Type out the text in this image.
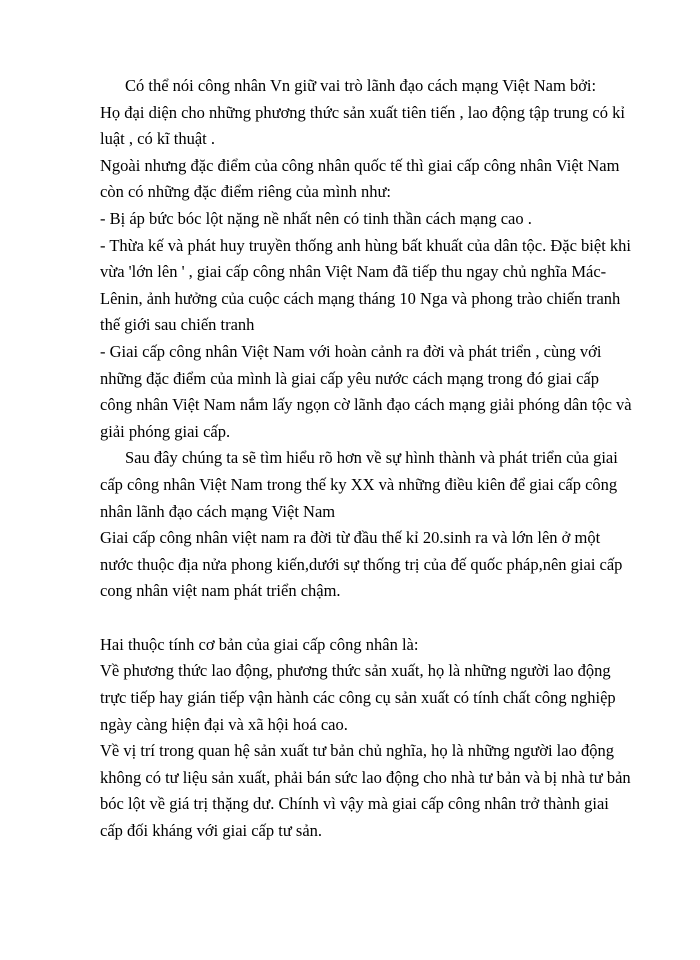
Có thể nói công nhân Vn giữ vai trò lãnh đạo cách mạng Việt Nam bởi:

Họ đại diện cho những phương thức sản xuất tiên tiến , lao động tập trung có kỉ

luật , có kĩ thuật .

Ngoài nhưng đặc điểm của công nhân quốc tế thì giai cấp công nhân Việt Nam

còn có những đặc điểm riêng của mình như:

- Bị áp bức bóc lột nặng nề nhất nên có tinh thần cách mạng cao .

- Thừa kế và phát huy truyền thống anh hùng bất khuất của dân tộc. Đặc biệt khi

vừa 'lớn lên ' , giai cấp công nhân Việt Nam đã tiếp thu ngay chủ nghĩa Mác-

Lênin, ảnh hưởng của cuộc cách mạng tháng 10 Nga và phong trào chiến tranh

thế giới sau chiến tranh

- Giai cấp công nhân Việt Nam với hoàn cảnh ra đời và phát triển , cùng với

những đặc điểm của mình là giai cấp yêu nước cách mạng trong đó giai cấp

công nhân Việt Nam nắm lấy ngọn cờ lãnh đạo cách mạng giải phóng dân tộc và

giải phóng giai cấp.

Sau đây chúng ta sẽ tìm hiểu rõ hơn về sự hình thành và phát triển của giai

cấp công nhân Việt Nam trong thế ky XX và những điều kiên để giai cấp công

nhân lãnh đạo cách mạng Việt Nam

Giai cấp công nhân việt nam ra đời từ đầu thế kỉ 20.sinh ra và lớn lên ở một

nước thuộc địa nửa phong kiến,dưới sự thống trị của đế quốc pháp,nên giai cấp

cong nhân việt nam phát triển chậm.

Hai thuộc tính cơ bản của giai cấp công nhân là:

Về phương thức lao động, phương thức sản xuất, họ là những người lao động

trực tiếp hay gián tiếp vận hành các công cụ sản xuất có tính chất công nghiệp

ngày càng hiện đại và xã hội hoá cao.

Về vị trí trong quan hệ sản xuất tư bản chủ nghĩa, họ là những người lao động

không có tư liệu sản xuất, phải bán sức lao động cho nhà tư bản và bị nhà tư bản

bóc lột về giá trị thặng dư. Chính vì vậy mà giai cấp công nhân trở thành giai

cấp đối kháng với giai cấp tư sản.
